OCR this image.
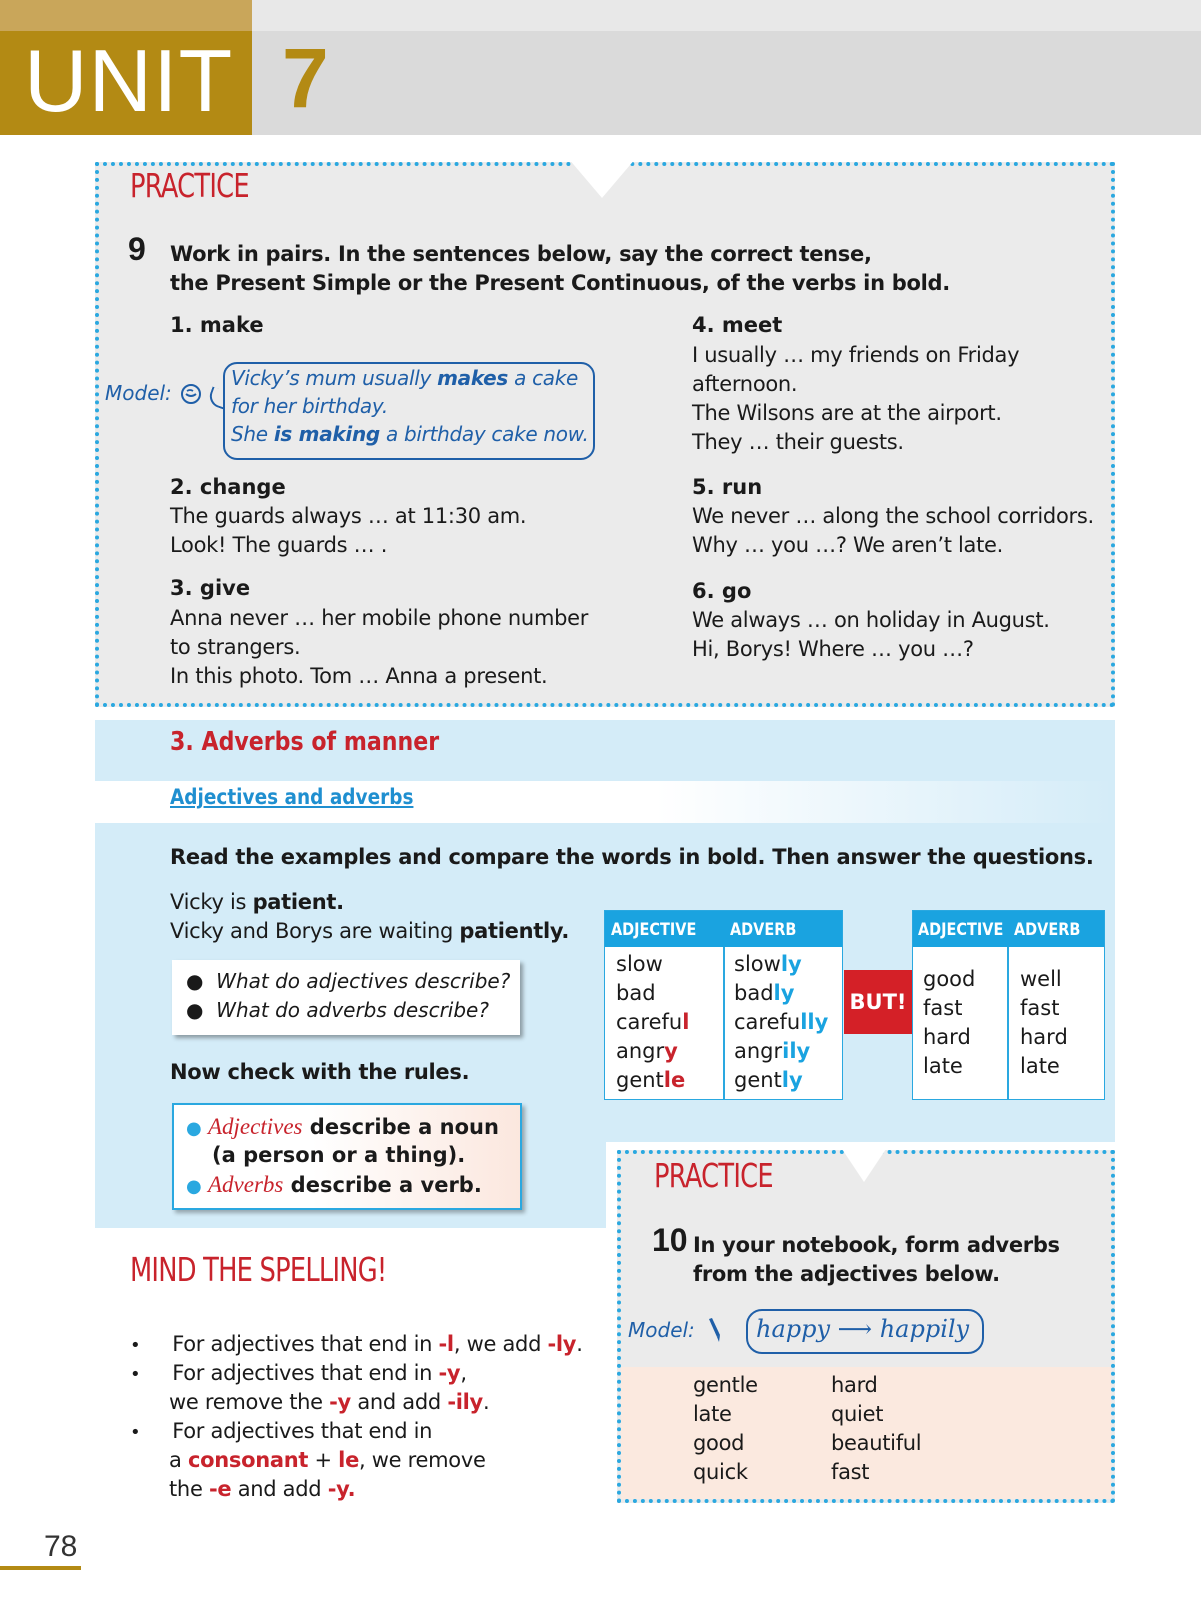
UNIT 7
PRACTICE
9 Work in pairs. In the sentences below, say the correct tense,
the Present Simple or the Present Continuous, of the verbs in bold.
1. make
Model:
Vicky’s mum usually makes a cake
for her birthday.
She is making a birthday cake now.
2. change
The guards always … at 11:30 am.
Look! The guards … .
3. give
Anna never … her mobile phone number
to strangers.
In this photo. Tom … Anna a present.
4. meet
I usually … my friends on Friday
afternoon.
The Wilsons are at the airport.
They … their guests.
5. run
We never … along the school corridors.
Why … you …? We aren’t late.
6. go
We always … on holiday in August.
Hi, Borys! Where … you …?
3. Adverbs of manner
Adjectives and adverbs
Read the examples and compare the words in bold. Then answer the questions.
Vicky is patient.
Vicky and Borys are waiting patiently.
●  What do adjectives describe?
●  What do adverbs describe?
Now check with the rules.
● Adjectives describe a noun
(a person or a thing).
● Adverbs describe a verb.
ADJECTIVE ADVERB
slow
bad
careful
angry
gentle
slowly
badly
carefully
angrily
gently
BUT!
ADJECTIVE ADVERB
good
fast
hard
late
well
fast
hard
late
MIND THE SPELLING!
• For adjectives that end in -l, we add -ly.
• For adjectives that end in -y,
we remove the -y and add -ily.
• For adjectives that end in
a consonant + le, we remove
the -e and add -y.
PRACTICE
10 In your notebook, form adverbs
from the adjectives below.
Model:	happy ⟶ happily
gentle
late
good
quick
hard
quiet
beautiful
fast
78
